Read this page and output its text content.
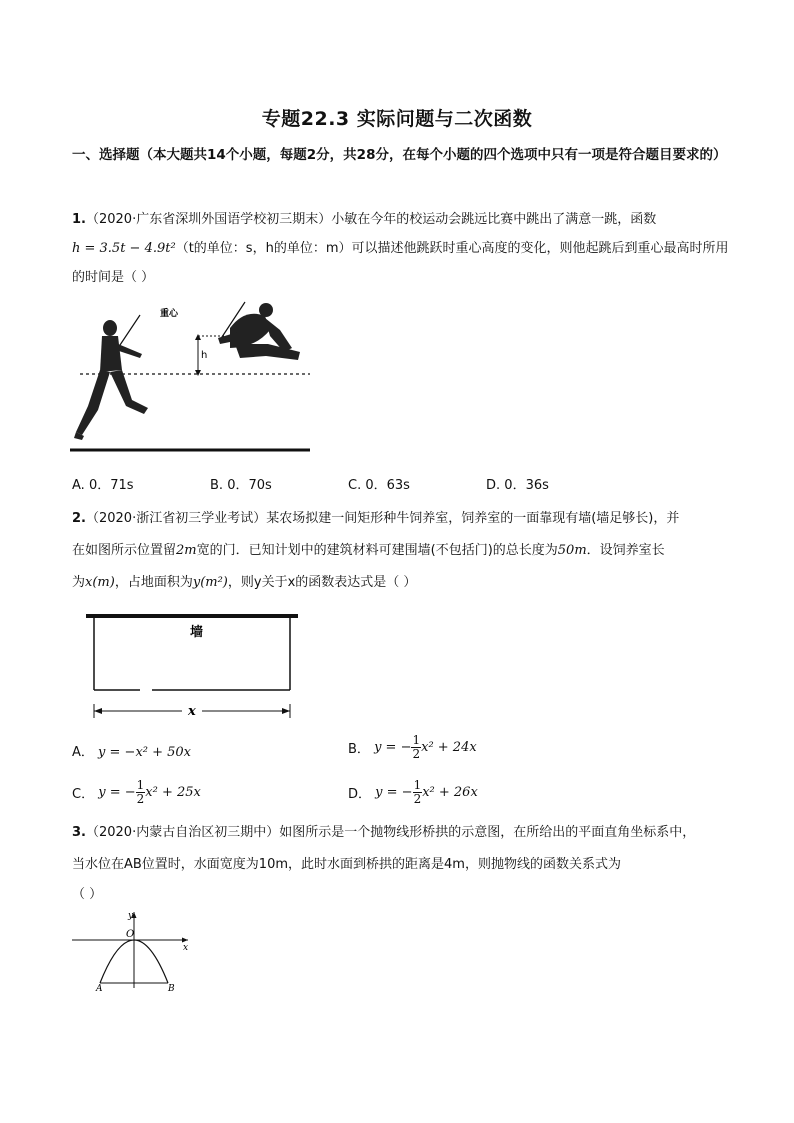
专题22.3 实际问题与二次函数
一、选择题（本大题共14个小题，每题2分，共28分，在每个小题的四个选项中只有一项是符合题目要求的）
1.（2020·广东省深圳外国语学校初三期末）小敏在今年的校运动会跳远比赛中跳出了满意一跳，函数
h = 3.5t − 4.9t²（t的单位：s，h的单位：m）可以描述他跳跃时重心高度的变化，则他起跳后到重心最高时所用的时间是（ ）
h
重心
A. 0．71s	B. 0．70s	C. 0．63s	D. 0．36s
2.（2020·浙江省初三学业考试）某农场拟建一间矩形种牛饲养室，饲养室的一面靠现有墙(墙足够长)，并
在如图所示位置留2m宽的门．已知计划中的建筑材料可建围墙(不包括门)的总长度为50m．设饲养室长
为x(m)，占地面积为y(m²)，则y关于x的函数表达式是（ ）
墙
x
A． y = −x² + 50x	B． y = − $\frac{1}{2} x^2 + 24x$
C． y = − $\frac{1}{2} x^2 + 25x$	D． y = − $\frac{1}{2} x^2 + 26x$
3.（2020·内蒙古自治区初三期中）如图所示是一个抛物线形桥拱的示意图，在所给出的平面直角坐标系中，
当水位在AB位置时，水面宽度为10m，此时水面到桥拱的距离是4m，则抛物线的函数关系式为
（ ）
y
x
O
A	B
